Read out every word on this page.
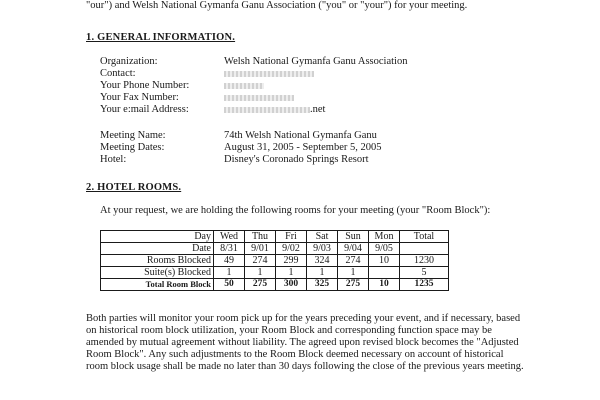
"our") and Welsh National Gymanfa Ganu Association ("you" or "your") for your meeting.
1. GENERAL INFORMATION.
Organization:	Welsh National Gymanfa Ganu Association
Contact:
Your Phone Number:
Your Fax Number:
Your e:mail Address:	.net
Meeting Name:	74th Welsh National Gymanfa Ganu
Meeting Dates:	August 31, 2005 - September 5, 2005
Hotel:	Disney's Coronado Springs Resort
2. HOTEL ROOMS.
At your request, we are holding the following rooms for your meeting (your "Room Block"):
Day	Wed	Thu	Fri	Sat	Sun	Mon	Total
Date	8/31	9/01	9/02	9/03	9/04	9/05	
Rooms Blocked	49	274	299	324	274	10	1230
Suite(s) Blocked	1	1	1	1	1		5
Total Room Block	50	275	300	325	275	10	1235

Both parties will monitor your room pick up for the years preceding your event, and if necessary, based on historical room block utilization, your Room Block and corresponding function space may be amended by mutual agreement without liability. The agreed upon revised block becomes the "Adjusted Room Block". Any such adjustments to the Room Block deemed necessary on account of historical room block usage shall be made no later than 30 days following the close of the previous years meeting.
